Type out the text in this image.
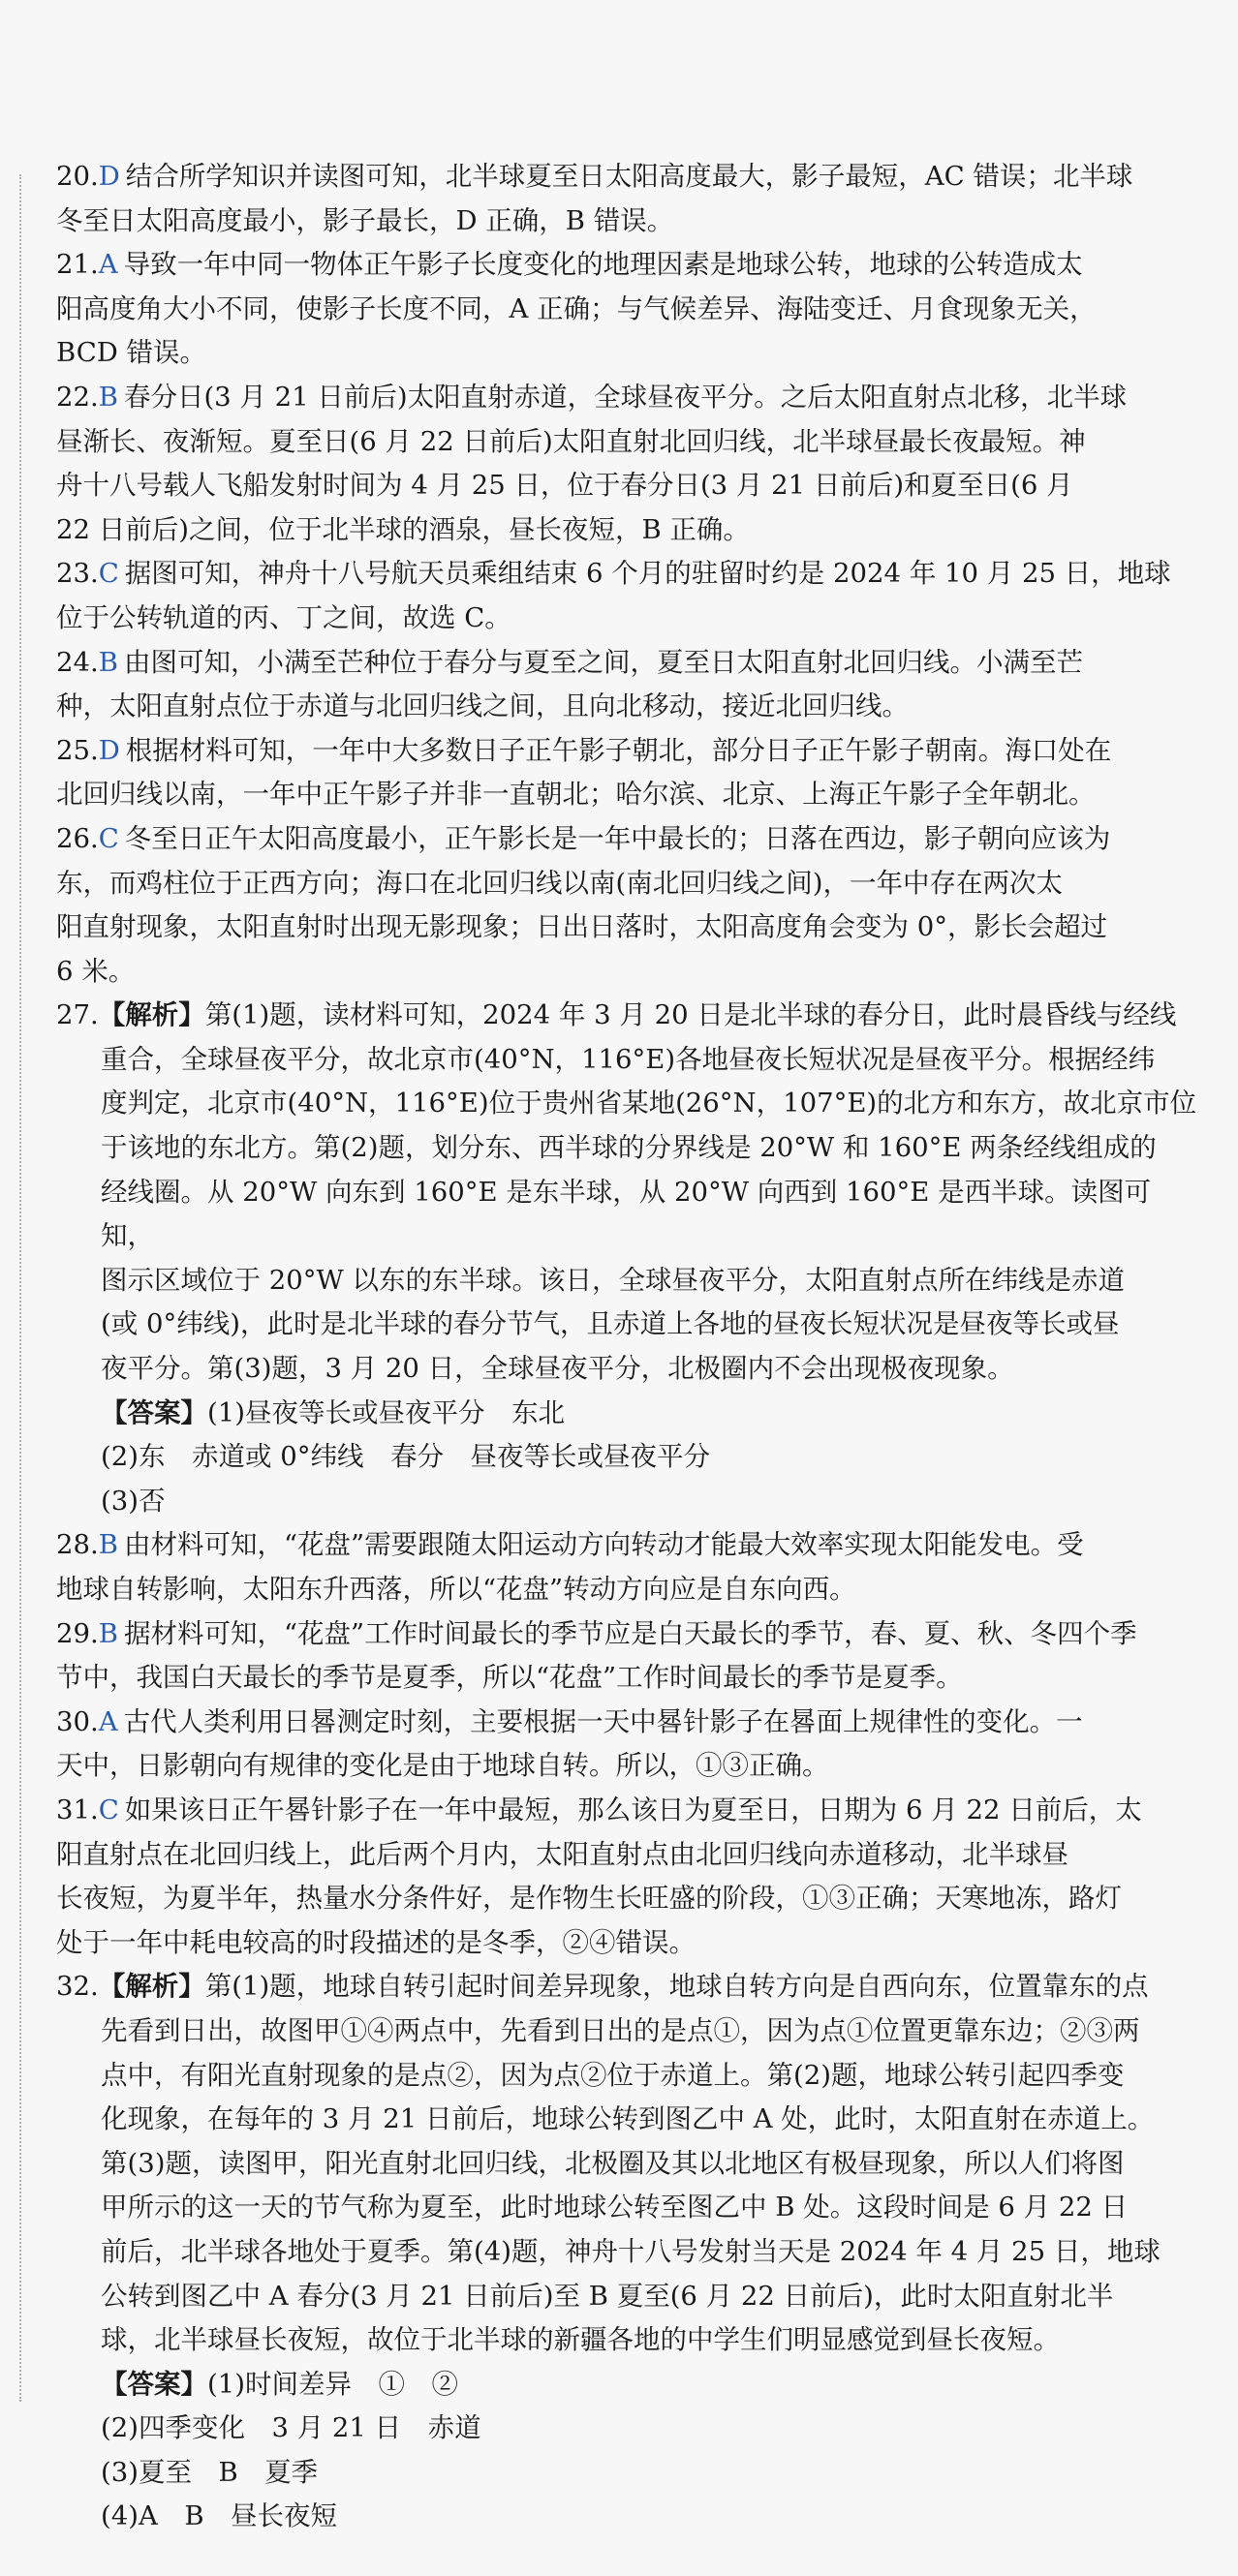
20.D 结合所学知识并读图可知，北半球夏至日太阳高度最大，影子最短，AC 错误；北半球
冬至日太阳高度最小，影子最长，D 正确，B 错误。
21.A 导致一年中同一物体正午影子长度变化的地理因素是地球公转，地球的公转造成太
阳高度角大小不同，使影子长度不同，A 正确；与气候差异、海陆变迁、月食现象无关，
BCD 错误。
22.B 春分日(3 月 21 日前后)太阳直射赤道，全球昼夜平分。之后太阳直射点北移，北半球
昼渐长、夜渐短。夏至日(6 月 22 日前后)太阳直射北回归线，北半球昼最长夜最短。神
舟十八号载人飞船发射时间为 4 月 25 日，位于春分日(3 月 21 日前后)和夏至日(6 月
22 日前后)之间，位于北半球的酒泉，昼长夜短，B 正确。
23.C 据图可知，神舟十八号航天员乘组结束 6 个月的驻留时约是 2024 年 10 月 25 日，地球
位于公转轨道的丙、丁之间，故选 C。
24.B 由图可知，小满至芒种位于春分与夏至之间，夏至日太阳直射北回归线。小满至芒
种，太阳直射点位于赤道与北回归线之间，且向北移动，接近北回归线。
25.D 根据材料可知，一年中大多数日子正午影子朝北，部分日子正午影子朝南。海口处在
北回归线以南，一年中正午影子并非一直朝北；哈尔滨、北京、上海正午影子全年朝北。
26.C 冬至日正午太阳高度最小，正午影长是一年中最长的；日落在西边，影子朝向应该为
东，而鸡柱位于正西方向；海口在北回归线以南(南北回归线之间)，一年中存在两次太
阳直射现象，太阳直射时出现无影现象；日出日落时，太阳高度角会变为 0°，影长会超过
6 米。
27.【解析】第(1)题，读材料可知，2024 年 3 月 20 日是北半球的春分日，此时晨昏线与经线
重合，全球昼夜平分，故北京市(40°N，116°E)各地昼夜长短状况是昼夜平分。根据经纬
度判定，北京市(40°N，116°E)位于贵州省某地(26°N，107°E)的北方和东方，故北京市位
于该地的东北方。第(2)题，划分东、西半球的分界线是 20°W 和 160°E 两条经线组成的
经线圈。从 20°W 向东到 160°E 是东半球，从 20°W 向西到 160°E 是西半球。读图可知，
图示区域位于 20°W 以东的东半球。该日，全球昼夜平分，太阳直射点所在纬线是赤道
(或 0°纬线)，此时是北半球的春分节气，且赤道上各地的昼夜长短状况是昼夜等长或昼
夜平分。第(3)题，3 月 20 日，全球昼夜平分，北极圈内不会出现极夜现象。
【答案】(1)昼夜等长或昼夜平分　东北
(2)东　赤道或 0°纬线　春分　昼夜等长或昼夜平分
(3)否
28.B 由材料可知，“花盘”需要跟随太阳运动方向转动才能最大效率实现太阳能发电。受
地球自转影响，太阳东升西落，所以“花盘”转动方向应是自东向西。
29.B 据材料可知，“花盘”工作时间最长的季节应是白天最长的季节，春、夏、秋、冬四个季
节中，我国白天最长的季节是夏季，所以“花盘”工作时间最长的季节是夏季。
30.A 古代人类利用日晷测定时刻，主要根据一天中晷针影子在晷面上规律性的变化。一
天中，日影朝向有规律的变化是由于地球自转。所以，①③正确。
31.C 如果该日正午晷针影子在一年中最短，那么该日为夏至日，日期为 6 月 22 日前后，太
阳直射点在北回归线上，此后两个月内，太阳直射点由北回归线向赤道移动，北半球昼
长夜短，为夏半年，热量水分条件好，是作物生长旺盛的阶段，①③正确；天寒地冻，路灯
处于一年中耗电较高的时段描述的是冬季，②④错误。
32.【解析】第(1)题，地球自转引起时间差异现象，地球自转方向是自西向东，位置靠东的点
先看到日出，故图甲①④两点中，先看到日出的是点①，因为点①位置更靠东边；②③两
点中，有阳光直射现象的是点②，因为点②位于赤道上。第(2)题，地球公转引起四季变
化现象，在每年的 3 月 21 日前后，地球公转到图乙中 A 处，此时，太阳直射在赤道上。
第(3)题，读图甲，阳光直射北回归线，北极圈及其以北地区有极昼现象，所以人们将图
甲所示的这一天的节气称为夏至，此时地球公转至图乙中 B 处。这段时间是 6 月 22 日
前后，北半球各地处于夏季。第(4)题，神舟十八号发射当天是 2024 年 4 月 25 日，地球
公转到图乙中 A 春分(3 月 21 日前后)至 B 夏至(6 月 22 日前后)，此时太阳直射北半
球，北半球昼长夜短，故位于北半球的新疆各地的中学生们明显感觉到昼长夜短。
【答案】(1)时间差异　①　②
(2)四季变化　3 月 21 日　赤道
(3)夏至　B　夏季
(4)A　B　昼长夜短
